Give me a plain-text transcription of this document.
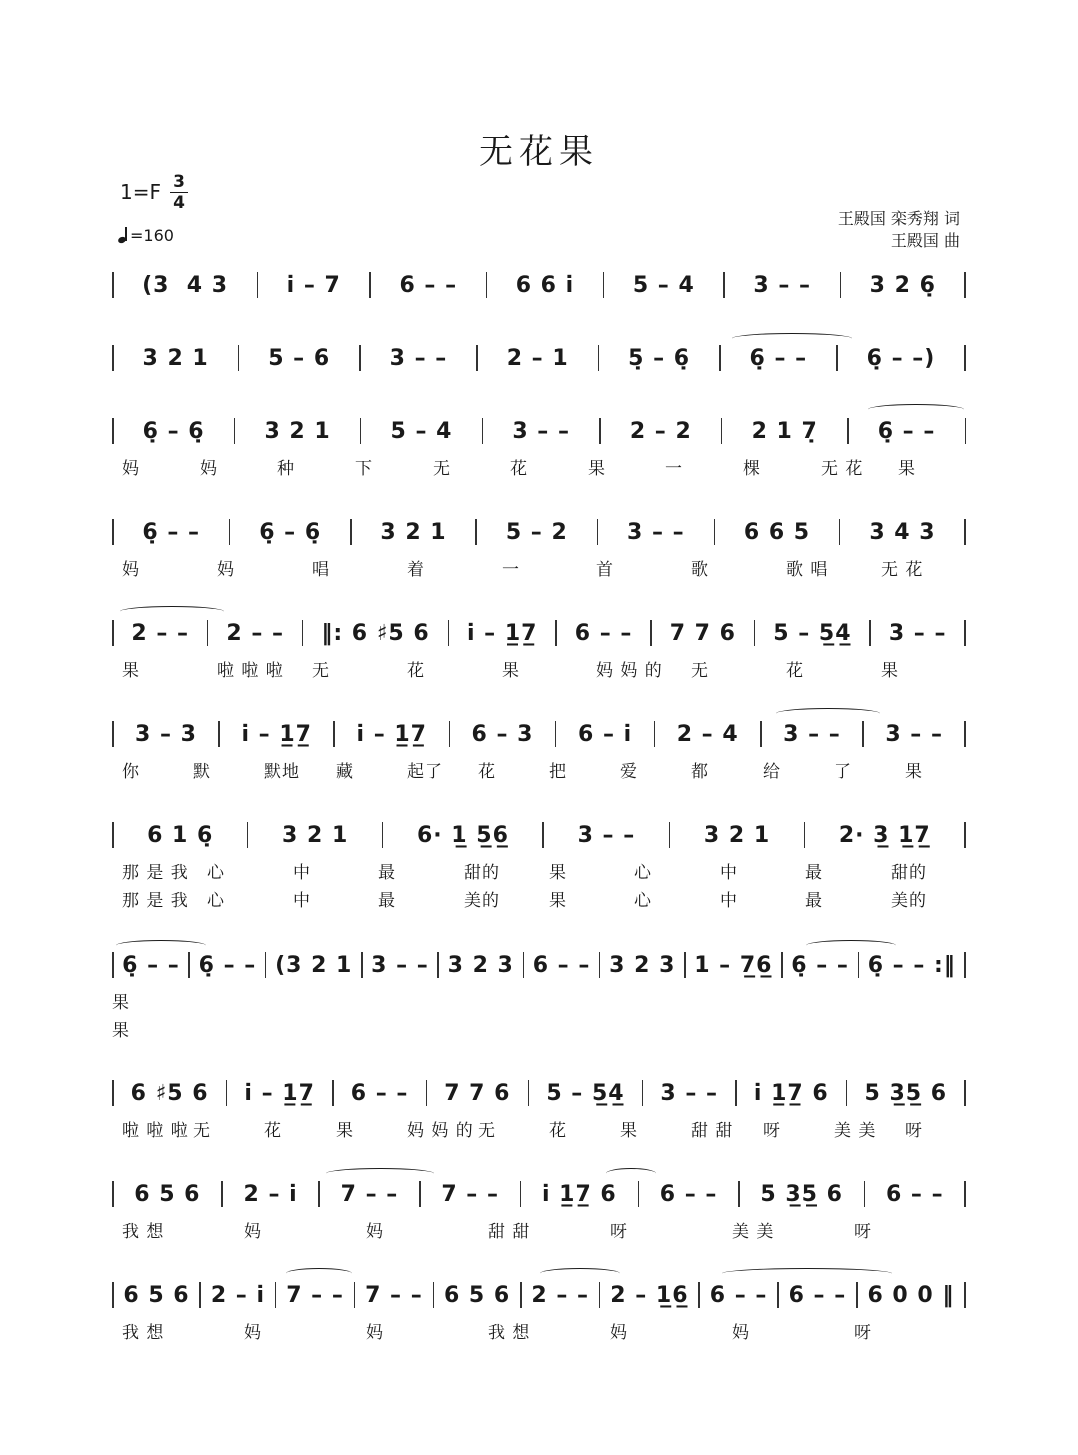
无花果
1=F 3
4
=160
王殿国 栾秀翔 词
王殿国 曲
(3  4 3	i̇ – 7	6 – –	6 6 i̇	5 – 4	3 – –	3 2 6̣
3 2 1	5 – 6	3 – –	2 – 1	5̣ – 6̣	6̣ – –	6̣ – –)
6̣ – 6̣	3 2 1	5 – 4	3 – –	2 – 2	2 1 7̣	6̣ – –
妈	妈	种	下	无	花	果	一	棵	无 花 果
6̣ – –	6̣ – 6̣	3 2 1	5 – 2	3 – –	6 6 5	3 4 3
妈	妈	唱	着	一	首	歌	歌 唱	无 花
2 – – 2 – – ‖: 6 ♯5 6 i̇ – 1̲7̲ 6 – – 7 7 6 5 – 5̲4̲ 3 – –
果	啦 啦 啦 无	花	果	妈 妈 的 无	花	果
3 – 3 i̇ – 1̲7̲ i̇ – 1̲7̲ 6 – 3 6 – i̇ 2 – 4 3 – – 3 – –
你	默	默地 藏	起了 花	把	爱	都	给	了	果
6 1 6̣	3 2 1	6· 1̲ 5̲6̲	3 – –	3 2 1	2· 3̲ 1̲7̲
那 是 我 心	中	最	甜的	果	心	中	最	甜的
那 是 我 心	中	最	美的	果	心	中	最	美的
6̣ – – 6̣ – – (3 2 1 3 – – 3 2 3 6 – – 3 2 3 1 – 7̲6̲ 6̣ – – 6̣ – – :‖
果
果
6 ♯5 6 i̇ – 1̲7̲ 6 – – 7 7 6 5 – 5̲4̲ 3 – – i̇ 1̲7̲ 6 5 3̲5̲ 6
啦 啦 啦 无	花	果	妈 妈 的 无	花	果	甜 甜 呀	美 美 呀
6 5 6 2 – i̇ 7 – – 7 – – i̇ 1̲7̲ 6 6 – – 5 3̲5̲ 6 6 – –
我 想	妈	妈	甜 甜	呀	美 美	呀
6 5 6 2 – i̇ 7 – – 7 – – 6 5 6 2 – – 2 – 1̲6̲ 6 – – 6 – – 6 0 0 ‖
我 想	妈	妈	我 想	妈	妈	呀
